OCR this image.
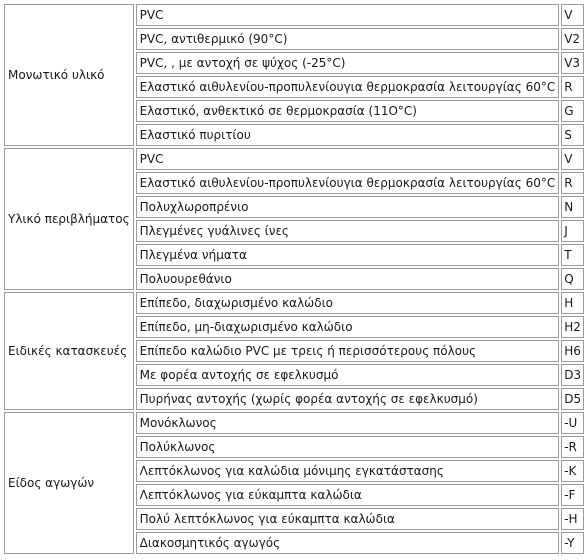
Μονωτικό υλικό	PVC	V
	PVC, αντιθερμικό (90°C)	V2
	PVC, , με αντοχή σε ψύχος (-25°C)	V3
	Ελαστικό αιθυλενίου-προπυλενίουγια θερμοκρασία λειτουργίας 60°C	R
	Ελαστικό, ανθεκτικό σε θερμοκρασία (11O°C)	G
	Ελαστικό πυριτίου	S
Υλικό περιβλήματος	PVC	V
	Ελαστικό αιθυλενίου-προπυλενίουγια θερμοκρασία λειτουργίας 60°C	R
	Πολυχλωροπρένιο	N
	Πλεγμένες γυάλινες ίνες	J
	Πλεγμένα νήματα	T
	Πολυουρεθάνιο	Q
Ειδικές κατασκευές	Επίπεδο, διαχωρισμένο καλώδιο	H
	Επίπεδο, μη-διαχωρισμένο καλώδιο	H2
	Επίπεδο καλώδιο PVC με τρεις ή περισσότερους πόλους	H6
	Με φορέα αντοχής σε εφελκυσμό	D3
	Πυρήνας αντοχής (χωρίς φορέα αντοχής σε εφελκυσμό)	D5
Είδος αγωγών	Μονόκλωνος	-U
	Πολύκλωνος	-R
	Λεπτόκλωνος για καλώδια μόνιμης εγκατάστασης	-K
	Λεπτόκλωνος για εύκαμπτα καλώδια	-F
	Πολύ λεπτόκλωνος για εύκαμπτα καλώδια	-H
	Διακοσμητικός αγωγός	-Y
